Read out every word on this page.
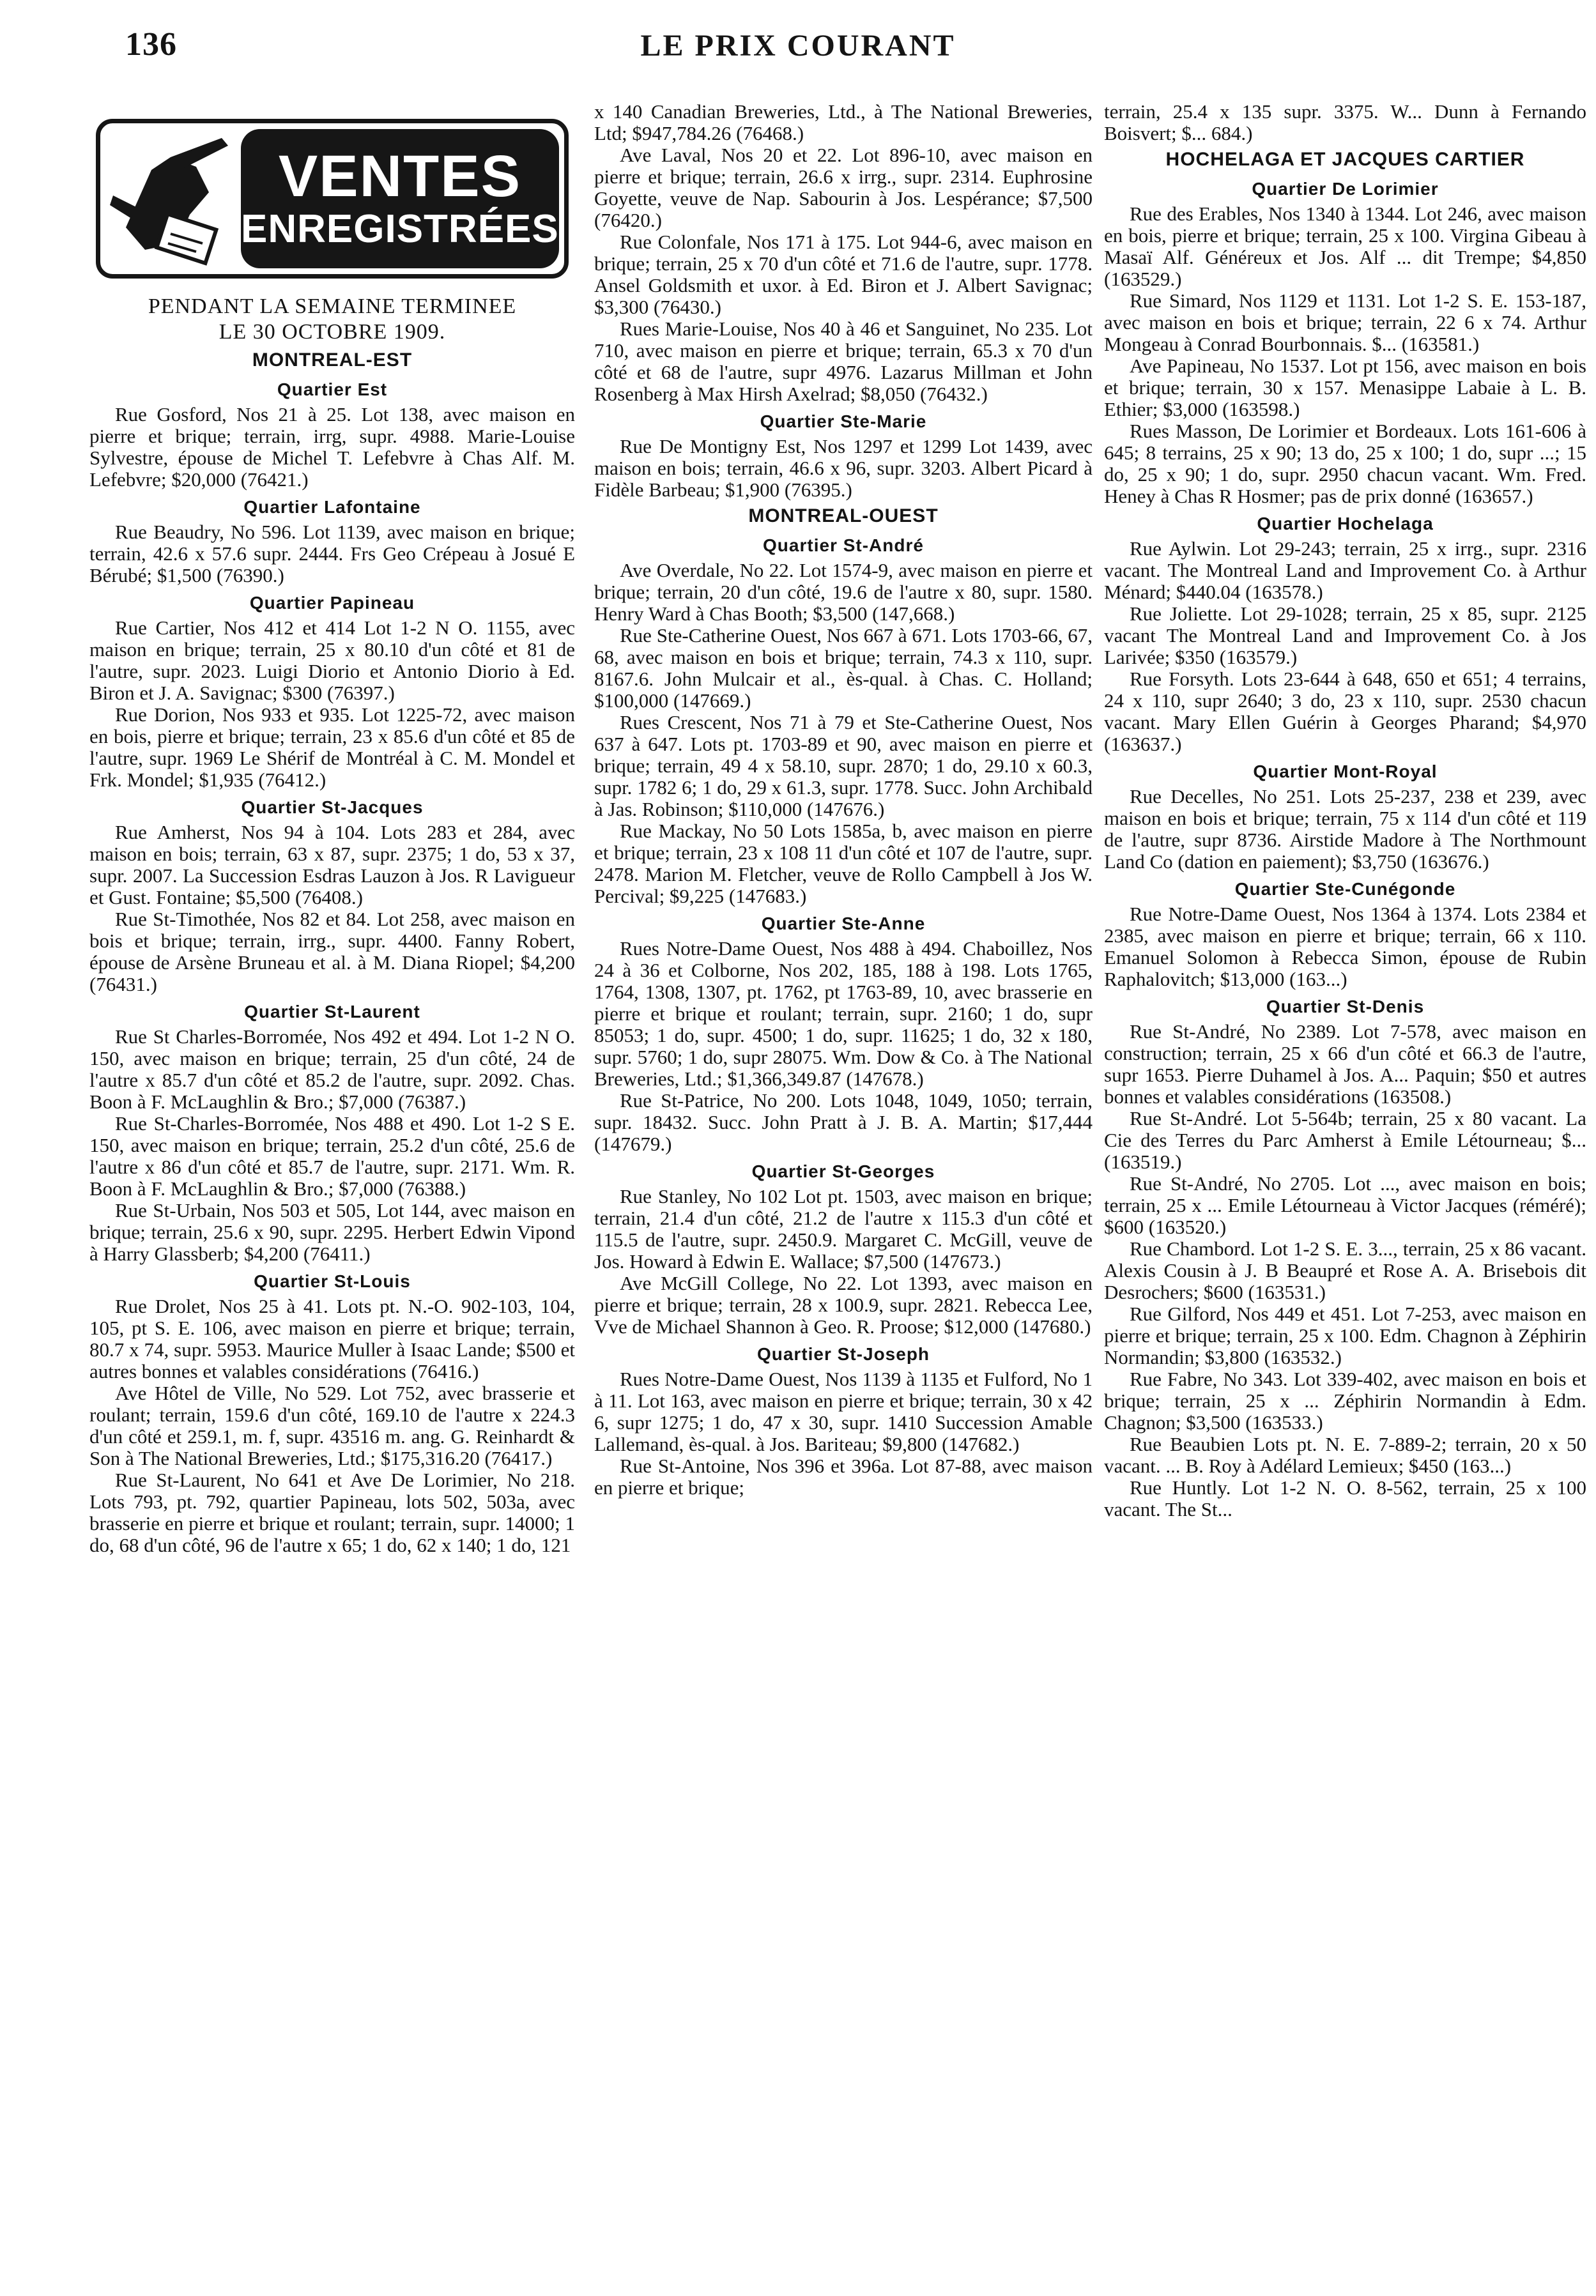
136	LE PRIX COURANT
VENTES
ENREGISTRÉES
PENDANT LA SEMAINE TERMINEE
LE 30 OCTOBRE 1909.
MONTREAL-EST
Quartier Est

Rue Gosford, Nos 21 à 25. Lot 138, avec maison en pierre et brique; terrain, irrg, supr. 4988. Marie-Louise Sylvestre, épouse de Michel T. Lefebvre à Chas Alf. M. Lefebvre; $20,000 (76421.)

Quartier Lafontaine

Rue Beaudry, No 596. Lot 1139, avec maison en brique; terrain, 42.6 x 57.6 supr. 2444. Frs Geo Crépeau à Josué E Bérubé; $1,500 (76390.)

Quartier Papineau

Rue Cartier, Nos 412 et 414 Lot 1-2 N O. 1155, avec maison en brique; terrain, 25 x 80.10 d'un côté et 81 de l'autre, supr. 2023. Luigi Diorio et Antonio Diorio à Ed. Biron et J. A. Savignac; $300 (76397.)

Rue Dorion, Nos 933 et 935. Lot 1225-72, avec maison en bois, pierre et brique; terrain, 23 x 85.6 d'un côté et 85 de l'autre, supr. 1969 Le Shérif de Montréal à C. M. Mondel et Frk. Mondel; $1,935 (76412.)

Quartier St-Jacques

Rue Amherst, Nos 94 à 104. Lots 283 et 284, avec maison en bois; terrain, 63 x 87, supr. 2375; 1 do, 53 x 37, supr. 2007. La Succession Esdras Lauzon à Jos. R Lavigueur et Gust. Fontaine; $5,500 (76408.)

Rue St-Timothée, Nos 82 et 84. Lot 258, avec maison en bois et brique; terrain, irrg., supr. 4400. Fanny Robert, épouse de Arsène Bruneau et al. à M. Diana Riopel; $4,200 (76431.)

Quartier St-Laurent

Rue St Charles-Borromée, Nos 492 et 494. Lot 1-2 N O. 150, avec maison en brique; terrain, 25 d'un côté, 24 de l'autre x 85.7 d'un côté et 85.2 de l'autre, supr. 2092. Chas. Boon à F. McLaughlin & Bro.; $7,000 (76387.)

Rue St-Charles-Borromée, Nos 488 et 490. Lot 1-2 S E. 150, avec maison en brique; terrain, 25.2 d'un côté, 25.6 de l'autre x 86 d'un côté et 85.7 de l'autre, supr. 2171. Wm. R. Boon à F. McLaughlin & Bro.; $7,000 (76388.)

Rue St-Urbain, Nos 503 et 505, Lot 144, avec maison en brique; terrain, 25.6 x 90, supr. 2295. Herbert Edwin Vipond à Harry Glassberb; $4,200 (76411.)

Quartier St-Louis

Rue Drolet, Nos 25 à 41. Lots pt. N.-O. 902-103, 104, 105, pt S. E. 106, avec maison en pierre et brique; terrain, 80.7 x 74, supr. 5953. Maurice Muller à Isaac Lande; $500 et autres bonnes et valables considérations (76416.)

Ave Hôtel de Ville, No 529. Lot 752, avec brasserie et roulant; terrain, 159.6 d'un côté, 169.10 de l'autre x 224.3 d'un côté et 259.1, m. f, supr. 43516 m. ang. G. Reinhardt & Son à The National Breweries, Ltd.; $175,316.20 (76417.)

Rue St-Laurent, No 641 et Ave De Lorimier, No 218. Lots 793, pt. 792, quartier Papineau, lots 502, 503a, avec brasserie en pierre et brique et roulant; terrain, supr. 14000; 1 do, 68 d'un côté, 96 de l'autre x 65; 1 do, 62 x 140; 1 do, 121

x 140 Canadian Breweries, Ltd., à The National Breweries, Ltd; $947,784.26 (76468.)

Ave Laval, Nos 20 et 22. Lot 896-10, avec maison en pierre et brique; terrain, 26.6 x irrg., supr. 2314. Euphrosine Goyette, veuve de Nap. Sabourin à Jos. Lespérance; $7,500 (76420.)

Rue Colonfale, Nos 171 à 175. Lot 944-6, avec maison en brique; terrain, 25 x 70 d'un côté et 71.6 de l'autre, supr. 1778. Ansel Goldsmith et uxor. à Ed. Biron et J. Albert Savignac; $3,300 (76430.)

Rues Marie-Louise, Nos 40 à 46 et Sanguinet, No 235. Lot 710, avec maison en pierre et brique; terrain, 65.3 x 70 d'un côté et 68 de l'autre, supr 4976. Lazarus Millman et John Rosenberg à Max Hirsh Axelrad; $8,050 (76432.)

Quartier Ste-Marie

Rue De Montigny Est, Nos 1297 et 1299 Lot 1439, avec maison en bois; terrain, 46.6 x 96, supr. 3203. Albert Picard à Fidèle Barbeau; $1,900 (76395.)

MONTREAL-OUEST
Quartier St-André

Ave Overdale, No 22. Lot 1574-9, avec maison en pierre et brique; terrain, 20 d'un côté, 19.6 de l'autre x 80, supr. 1580. Henry Ward à Chas Booth; $3,500 (147,668.)

Rue Ste-Catherine Ouest, Nos 667 à 671. Lots 1703-66, 67, 68, avec maison en bois et brique; terrain, 74.3 x 110, supr. 8167.6. John Mulcair et al., ès-qual. à Chas. C. Holland; $100,000 (147669.)

Rues Crescent, Nos 71 à 79 et Ste-Catherine Ouest, Nos 637 à 647. Lots pt. 1703-89 et 90, avec maison en pierre et brique; terrain, 49 4 x 58.10, supr. 2870; 1 do, 29.10 x 60.3, supr. 1782 6; 1 do, 29 x 61.3, supr. 1778. Succ. John Archibald à Jas. Robinson; $110,000 (147676.)

Rue Mackay, No 50 Lots 1585a, b, avec maison en pierre et brique; terrain, 23 x 108 11 d'un côté et 107 de l'autre, supr. 2478. Marion M. Fletcher, veuve de Rollo Campbell à Jos W. Percival; $9,225 (147683.)

Quartier Ste-Anne

Rues Notre-Dame Ouest, Nos 488 à 494. Chaboillez, Nos 24 à 36 et Colborne, Nos 202, 185, 188 à 198. Lots 1765, 1764, 1308, 1307, pt. 1762, pt 1763-89, 10, avec brasserie en pierre et brique et roulant; terrain, supr. 2160; 1 do, supr 85053; 1 do, supr. 4500; 1 do, supr. 11625; 1 do, 32 x 180, supr. 5760; 1 do, supr 28075. Wm. Dow & Co. à The National Breweries, Ltd.; $1,366,349.87 (147678.)

Rue St-Patrice, No 200. Lots 1048, 1049, 1050; terrain, supr. 18432. Succ. John Pratt à J. B. A. Martin; $17,444 (147679.)

Quartier St-Georges

Rue Stanley, No 102 Lot pt. 1503, avec maison en brique; terrain, 21.4 d'un côté, 21.2 de l'autre x 115.3 d'un côté et 115.5 de l'autre, supr. 2450.9. Margaret C. McGill, veuve de Jos. Howard à Edwin E. Wallace; $7,500 (147673.)

Ave McGill College, No 22. Lot 1393, avec maison en pierre et brique; terrain, 28 x 100.9, supr. 2821. Rebecca Lee, Vve de Michael Shannon à Geo. R. Proose; $12,000 (147680.)

Quartier St-Joseph

Rues Notre-Dame Ouest, Nos 1139 à 1135 et Fulford, No 1 à 11. Lot 163, avec maison en pierre et brique; terrain, 30 x 42 6, supr 1275; 1 do, 47 x 30, supr. 1410 Succession Amable Lallemand, ès-qual. à Jos. Bariteau; $9,800 (147682.)

Rue St-Antoine, Nos 396 et 396a. Lot 87-88, avec maison en pierre et brique;

terrain, 25.4 x 135 supr. 3375. W... Dunn à Fernando Boisvert; $... 684.)

HOCHELAGA ET JACQUES CARTIER
Quartier De Lorimier

Rue des Erables, Nos 1340 à 1344. Lot 246, avec maison en bois, pierre et brique; terrain, 25 x 100. Virgina Gibeau à Masaï Alf. Généreux et Jos. Alf ... dit Trempe; $4,850 (163529.)

Rue Simard, Nos 1129 et 1131. Lot 1-2 S. E. 153-187, avec maison en bois et brique; terrain, 22 6 x 74. Arthur Mongeau à Conrad Bourbonnais. $... (163581.)

Ave Papineau, No 1537. Lot pt 156, avec maison en bois et brique; terrain, 30 x 157. Menasippe Labaie à L. B. Ethier; $3,000 (163598.)

Rues Masson, De Lorimier et Bordeaux. Lots 161-606 à 645; 8 terrains, 25 x 90; 13 do, 25 x 100; 1 do, supr ...; 15 do, 25 x 90; 1 do, supr. 2950 chacun vacant. Wm. Fred. Heney à Chas R Hosmer; pas de prix donné (163657.)

Quartier Hochelaga

Rue Aylwin. Lot 29-243; terrain, 25 x irrg., supr. 2316 vacant. The Montreal Land and Improvement Co. à Arthur Ménard; $440.04 (163578.)

Rue Joliette. Lot 29-1028; terrain, 25 x 85, supr. 2125 vacant The Montreal Land and Improvement Co. à Jos Larivée; $350 (163579.)

Rue Forsyth. Lots 23-644 à 648, 650 et 651; 4 terrains, 24 x 110, supr 2640; 3 do, 23 x 110, supr. 2530 chacun vacant. Mary Ellen Guérin à Georges Pharand; $4,970 (163637.)

Quartier Mont-Royal

Rue Decelles, No 251. Lots 25-237, 238 et 239, avec maison en bois et brique; terrain, 75 x 114 d'un côté et 119 de l'autre, supr 8736. Airstide Madore à The Northmount Land Co (dation en paiement); $3,750 (163676.)

Quartier Ste-Cunégonde

Rue Notre-Dame Ouest, Nos 1364 à 1374. Lots 2384 et 2385, avec maison en pierre et brique; terrain, 66 x 110. Emanuel Solomon à Rebecca Simon, épouse de Rubin Raphalovitch; $13,000 (163...)

Quartier St-Denis

Rue St-André, No 2389. Lot 7-578, avec maison en construction; terrain, 25 x 66 d'un côté et 66.3 de l'autre, supr 1653. Pierre Duhamel à Jos. A... Paquin; $50 et autres bonnes et valables considérations (163508.)

Rue St-André. Lot 5-564b; terrain, 25 x 80 vacant. La Cie des Terres du Parc Amherst à Emile Létourneau; $... (163519.)

Rue St-André, No 2705. Lot ..., avec maison en bois; terrain, 25 x ... Emile Létourneau à Victor Jacques (réméré); $600 (163520.)

Rue Chambord. Lot 1-2 S. E. 3..., terrain, 25 x 86 vacant. Alexis Cousin à J. B Beaupré et Rose A. A. Brisebois dit Desrochers; $600 (163531.)

Rue Gilford, Nos 449 et 451. Lot 7-253, avec maison en pierre et brique; terrain, 25 x 100. Edm. Chagnon à Zéphirin Normandin; $3,800 (163532.)

Rue Fabre, No 343. Lot 339-402, avec maison en bois et brique; terrain, 25 x ... Zéphirin Normandin à Edm. Chagnon; $3,500 (163533.)

Rue Beaubien Lots pt. N. E. 7-889-2; terrain, 20 x 50 vacant. ... B. Roy à Adélard Lemieux; $450 (163...)

Rue Huntly. Lot 1-2 N. O. 8-562, terrain, 25 x 100 vacant. The St...
